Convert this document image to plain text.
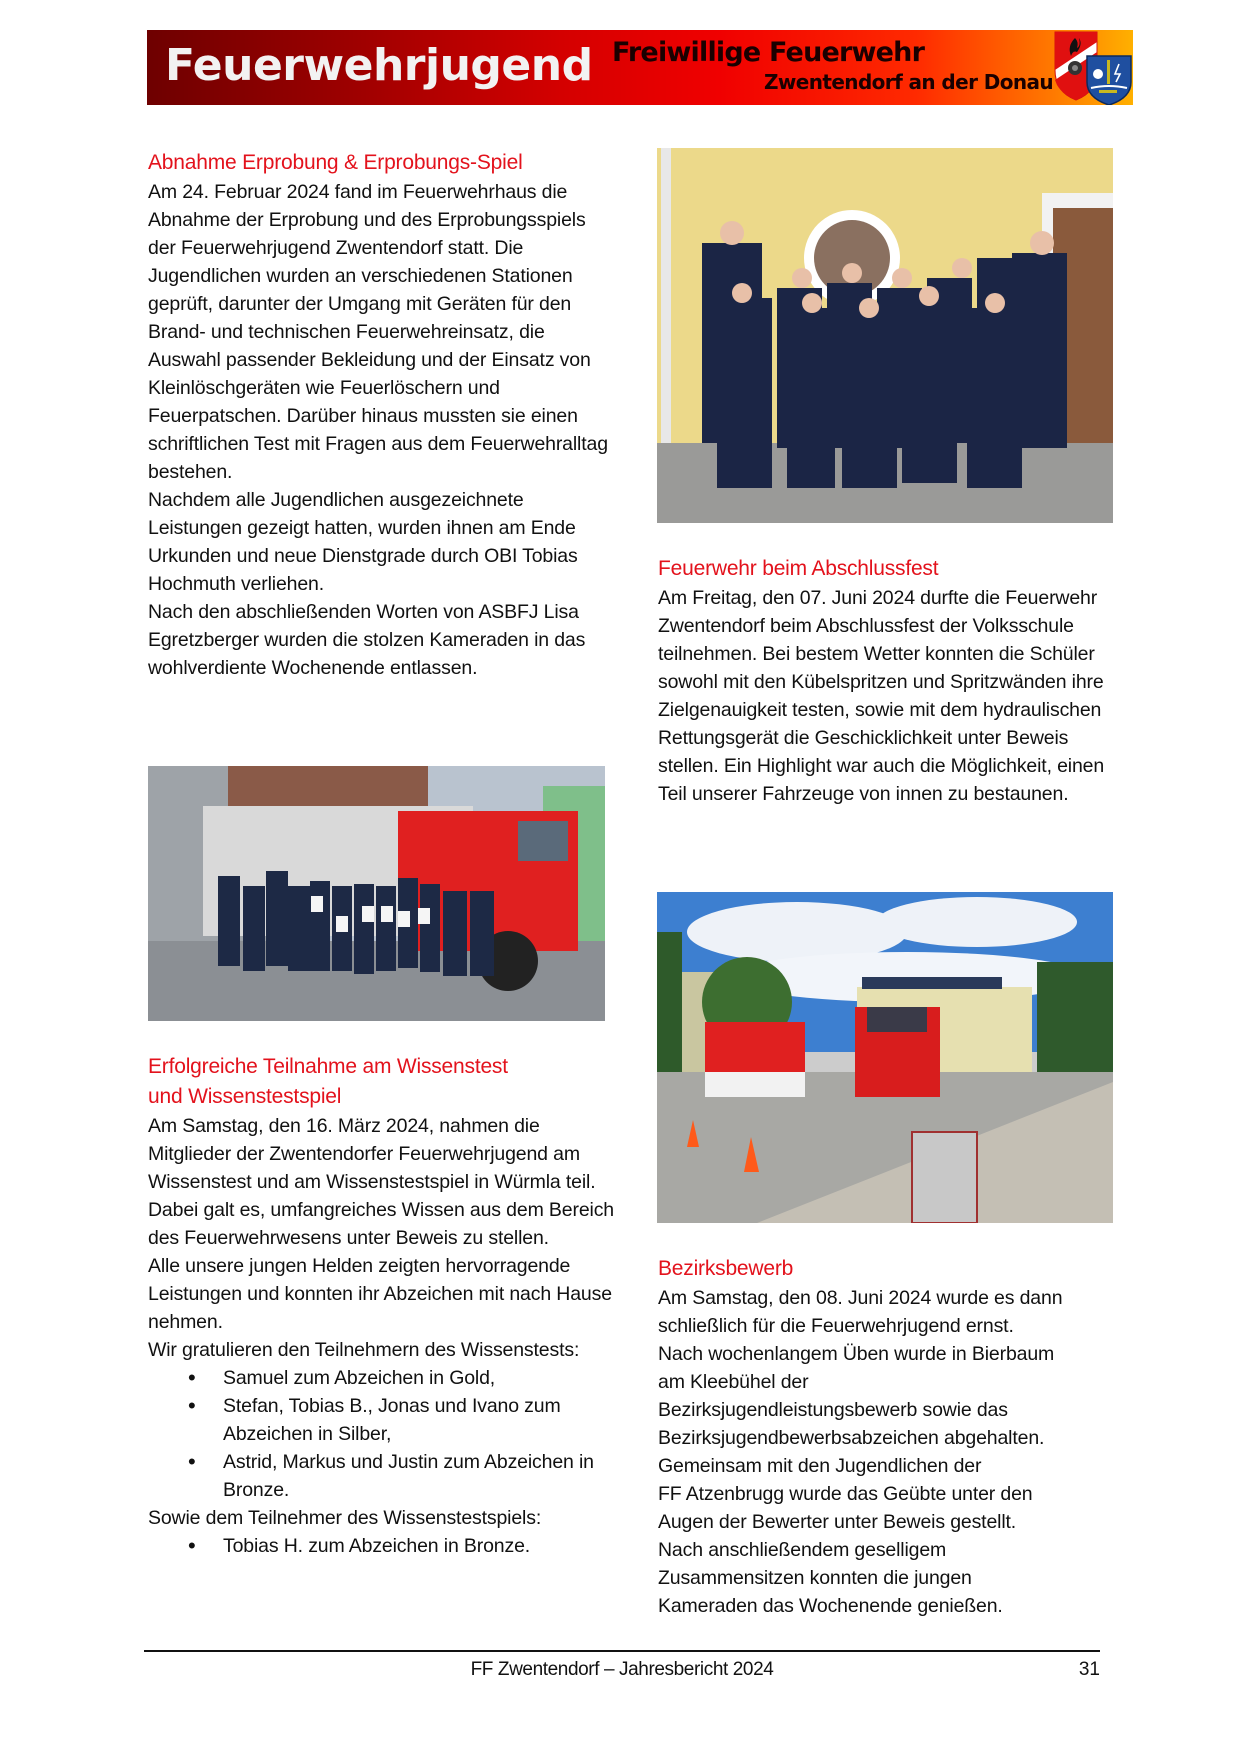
Feuerwehrjugend Freiwillige Feuerwehr
Zwentendorf an der Donau
Abnahme Erprobung & Erprobungs-Spiel

Am 24. Februar 2024 fand im Feuerwehrhaus die Abnahme der Erprobung und des Erprobungsspiels der Feuerwehrjugend Zwentendorf statt. Die Jugendlichen wurden an verschiedenen Stationen geprüft, darunter der Umgang mit Geräten für den Brand- und technischen Feuerwehreinsatz, die Auswahl passender Bekleidung und der Einsatz von Kleinlöschgeräten wie Feuerlöschern und Feuerpatschen. Darüber hinaus mussten sie einen schriftlichen Test mit Fragen aus dem Feuerwehralltag bestehen.

Nachdem alle Jugendlichen ausgezeichnete Leistungen gezeigt hatten, wurden ihnen am Ende Urkunden und neue Dienstgrade durch OBI Tobias Hochmuth verliehen.

Nach den abschließenden Worten von ASBFJ Lisa Egretzberger wurden die stolzen Kameraden in das wohlverdiente Wochenende entlassen.

Erfolgreiche Teilnahme am Wissenstest
und Wissenstestspiel

Am Samstag, den 16. März 2024, nahmen die Mitglieder der Zwentendorfer Feuerwehrjugend am Wissenstest und am Wissenstestspiel in Würmla teil. Dabei galt es, umfangreiches Wissen aus dem Bereich des Feuerwehrwesens unter Beweis zu stellen.

Alle unsere jungen Helden zeigten hervorragende Leistungen und konnten ihr Abzeichen mit nach Hause nehmen.

Wir gratulieren den Teilnehmern des Wissenstests:

• Samuel zum Abzeichen in Gold,
• Stefan, Tobias B., Jonas und Ivano zum Abzeichen in Silber,
• Astrid, Markus und Justin zum Abzeichen in Bronze.

Sowie dem Teilnehmer des Wissenstestspiels:

• Tobias H. zum Abzeichen in Bronze.
Feuerwehr beim Abschlussfest

Am Freitag, den 07. Juni 2024 durfte die Feuerwehr Zwentendorf beim Abschlussfest der Volksschule teilnehmen. Bei bestem Wetter konnten die Schüler sowohl mit den Kübelspritzen und Spritzwänden ihre Zielgenauigkeit testen, sowie mit dem hydraulischen Rettungsgerät die Geschicklichkeit unter Beweis stellen. Ein Highlight war auch die Möglichkeit, einen Teil unserer Fahrzeuge von innen zu bestaunen.

Bezirksbewerb

Am Samstag, den 08. Juni 2024 wurde es dann

schließlich für die Feuerwehrjugend ernst.

Nach wochenlangem Üben wurde in Bierbaum

am Kleebühel der

Bezirksjugendleistungsbewerb sowie das

Bezirksjugendbewerbsabzeichen abgehalten.

Gemeinsam mit den Jugendlichen der

FF Atzenbrugg wurde das Geübte unter den

Augen der Bewerter unter Beweis gestellt.

Nach anschließendem geselligem

Zusammensitzen konnten die jungen

Kameraden das Wochenende genießen.

FF Zwentendorf – Jahresbericht 2024	31
